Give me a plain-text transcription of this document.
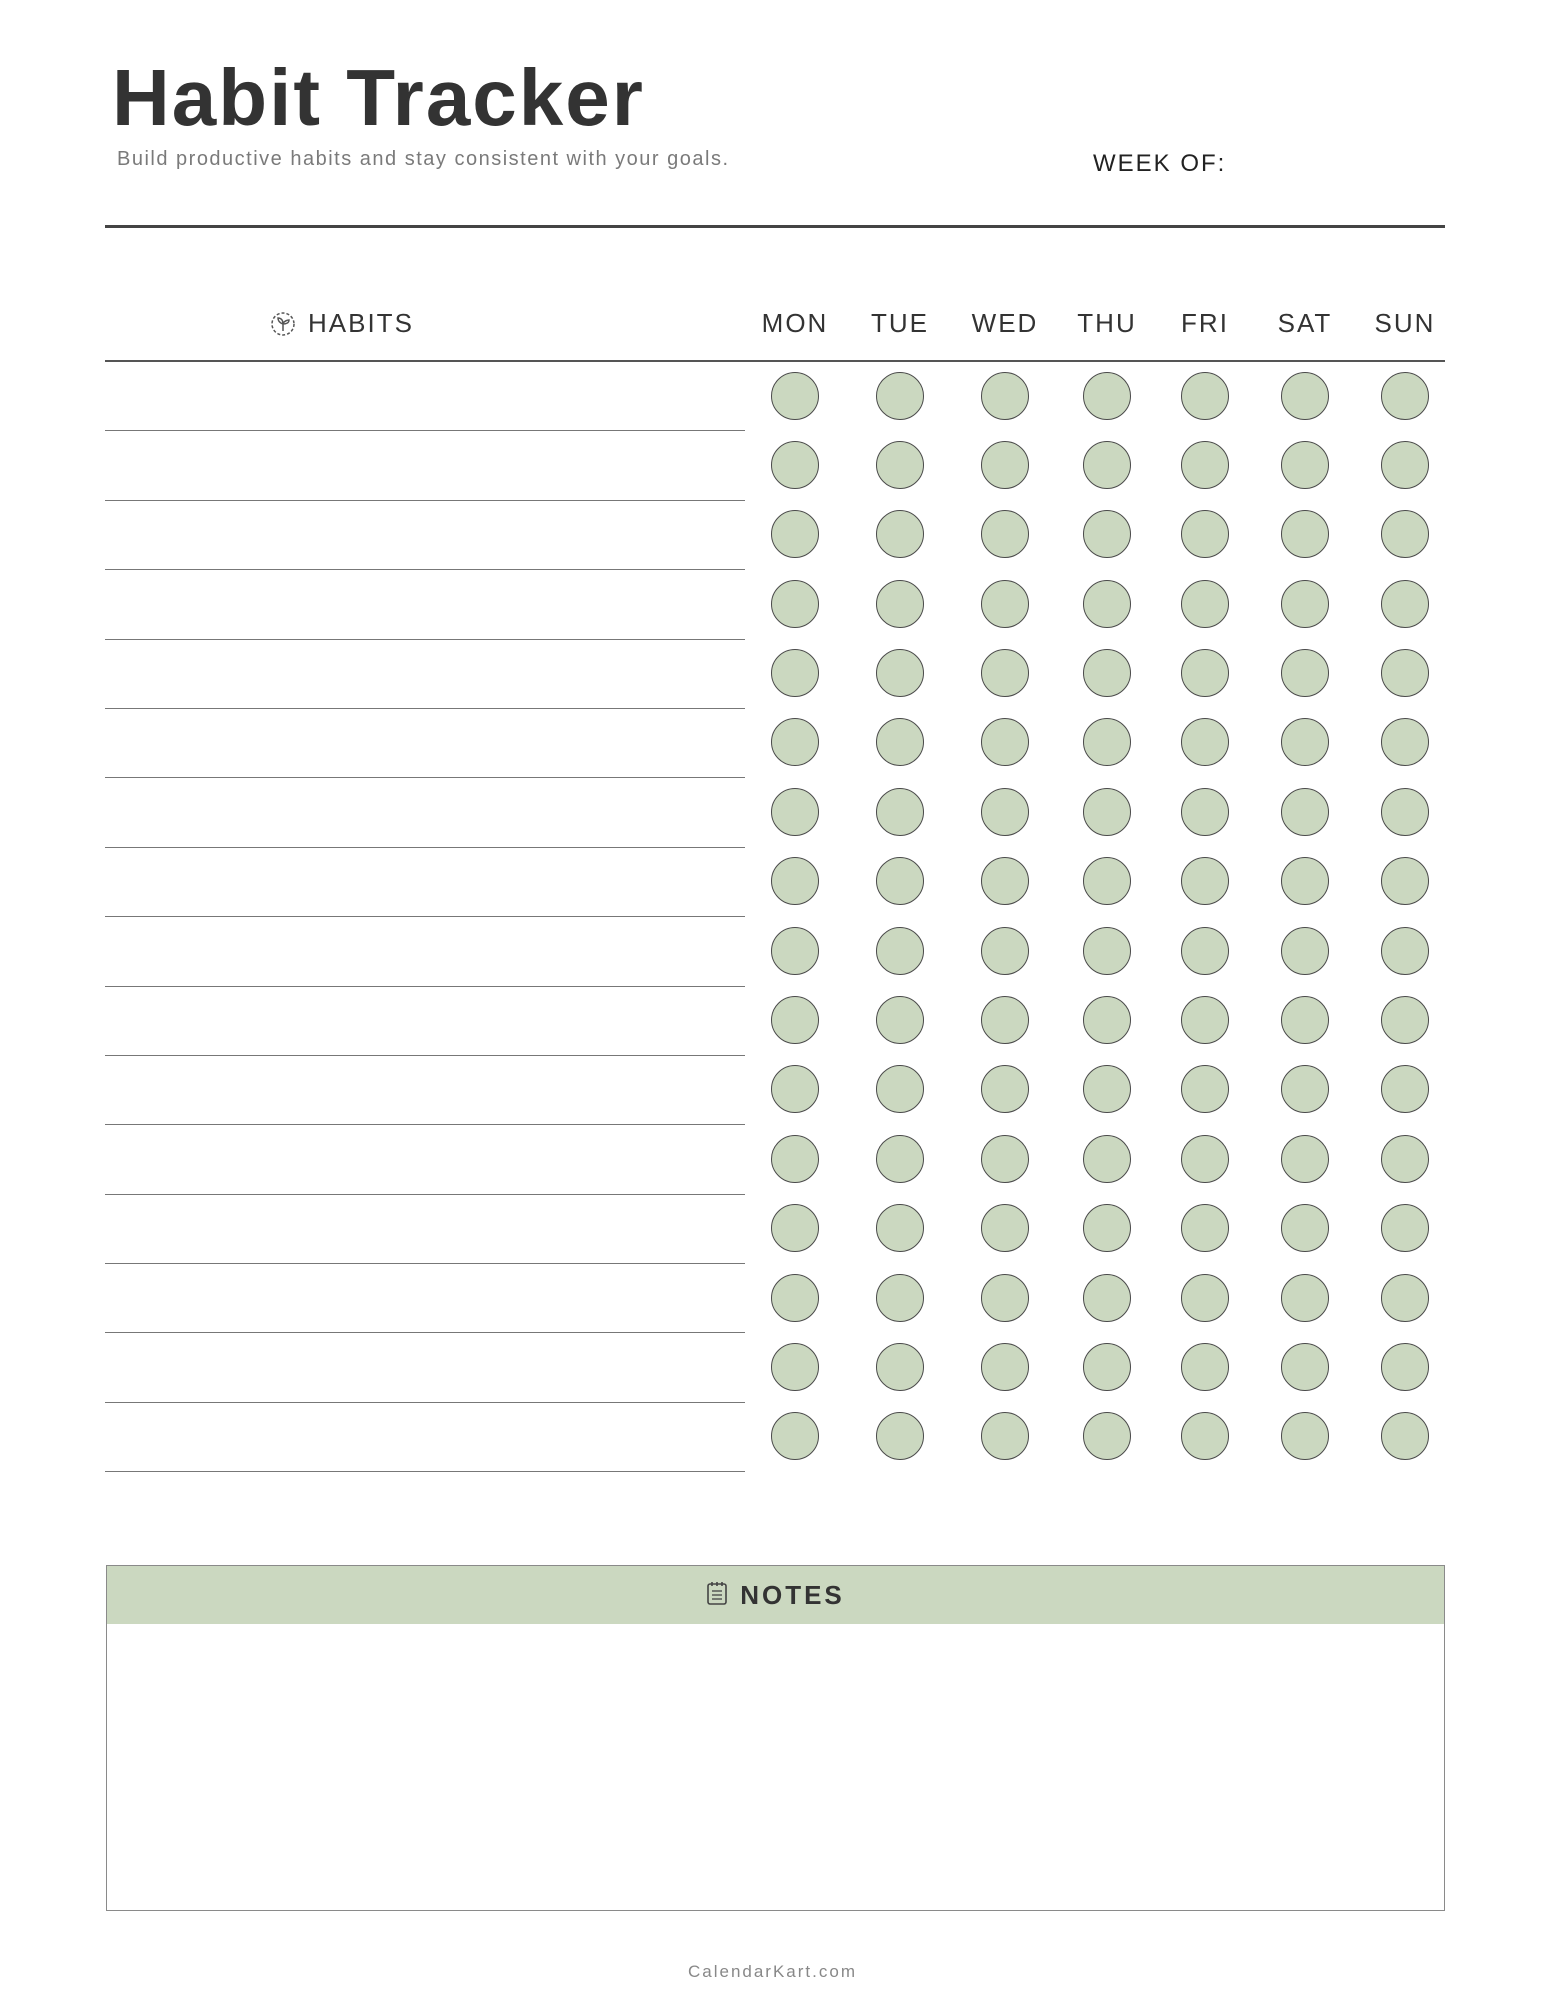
Habit Tracker
Build productive habits and stay consistent with your goals.	WEEK OF:
HABITS	MON	TUE	WED	THU	FRI	SAT	SUN
NOTES
CalendarKart.com
